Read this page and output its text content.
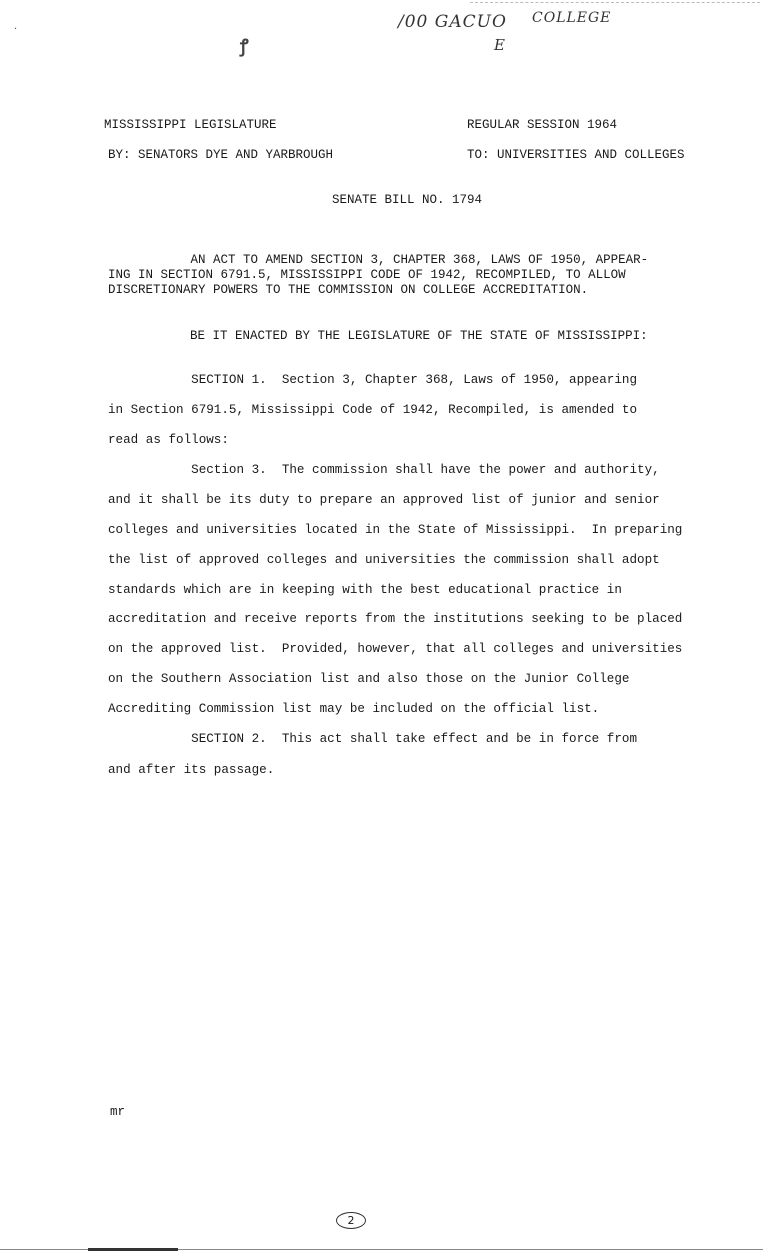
/00 GACUO COLLEGE
E
ꝭ
·
MISSISSIPPI LEGISLATURE	REGULAR SESSION 1964
BY: SENATORS DYE AND YARBROUGH	TO: UNIVERSITIES AND COLLEGES
SENATE BILL NO. 1794
AN ACT TO AMEND SECTION 3, CHAPTER 368, LAWS OF 1950, APPEAR-
ING IN SECTION 6791.5, MISSISSIPPI CODE OF 1942, RECOMPILED, TO ALLOW
DISCRETIONARY POWERS TO THE COMMISSION ON COLLEGE ACCREDITATION.
BE IT ENACTED BY THE LEGISLATURE OF THE STATE OF MISSISSIPPI:
SECTION 1.  Section 3, Chapter 368, Laws of 1950, appearing
in Section 6791.5, Mississippi Code of 1942, Recompiled, is amended to
read as follows:
Section 3.  The commission shall have the power and authority,
and it shall be its duty to prepare an approved list of junior and senior
colleges and universities located in the State of Mississippi.  In preparing
the list of approved colleges and universities the commission shall adopt
standards which are in keeping with the best educational practice in
accreditation and receive reports from the institutions seeking to be placed
on the approved list.  Provided, however, that all colleges and universities
on the Southern Association list and also those on the Junior College
Accrediting Commission list may be included on the official list.
SECTION 2.  This act shall take effect and be in force from
and after its passage.
mr
2
